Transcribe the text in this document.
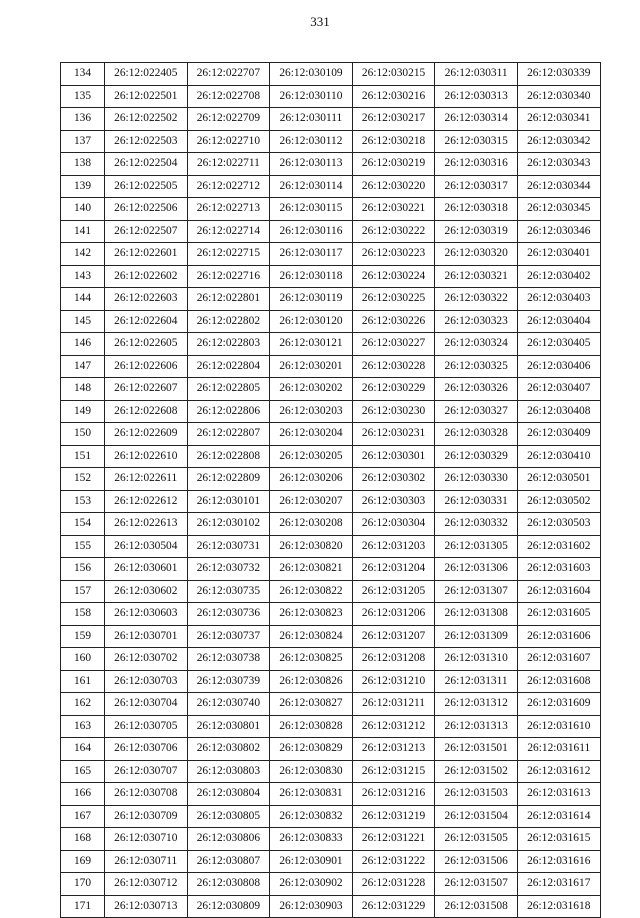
331
134	26:12:022405	26:12:022707	26:12:030109	26:12:030215	26:12:030311	26:12:030339
135	26:12:022501	26:12:022708	26:12:030110	26:12:030216	26:12:030313	26:12:030340
136	26:12:022502	26:12:022709	26:12:030111	26:12:030217	26:12:030314	26:12:030341
137	26:12:022503	26:12:022710	26:12:030112	26:12:030218	26:12:030315	26:12:030342
138	26:12:022504	26:12:022711	26:12:030113	26:12:030219	26:12:030316	26:12:030343
139	26:12:022505	26:12:022712	26:12:030114	26:12:030220	26:12:030317	26:12:030344
140	26:12:022506	26:12:022713	26:12:030115	26:12:030221	26:12:030318	26:12:030345
141	26:12:022507	26:12:022714	26:12:030116	26:12:030222	26:12:030319	26:12:030346
142	26:12:022601	26:12:022715	26:12:030117	26:12:030223	26:12:030320	26:12:030401
143	26:12:022602	26:12:022716	26:12:030118	26:12:030224	26:12:030321	26:12:030402
144	26:12:022603	26:12:022801	26:12:030119	26:12:030225	26:12:030322	26:12:030403
145	26:12:022604	26:12:022802	26:12:030120	26:12:030226	26:12:030323	26:12:030404
146	26:12:022605	26:12:022803	26:12:030121	26:12:030227	26:12:030324	26:12:030405
147	26:12:022606	26:12:022804	26:12:030201	26:12:030228	26:12:030325	26:12:030406
148	26:12:022607	26:12:022805	26:12:030202	26:12:030229	26:12:030326	26:12:030407
149	26:12:022608	26:12:022806	26:12:030203	26:12:030230	26:12:030327	26:12:030408
150	26:12:022609	26:12:022807	26:12:030204	26:12:030231	26:12:030328	26:12:030409
151	26:12:022610	26:12:022808	26:12:030205	26:12:030301	26:12:030329	26:12:030410
152	26:12:022611	26:12:022809	26:12:030206	26:12:030302	26:12:030330	26:12:030501
153	26:12:022612	26:12:030101	26:12:030207	26:12:030303	26:12:030331	26:12:030502
154	26:12:022613	26:12:030102	26:12:030208	26:12:030304	26:12:030332	26:12:030503
155	26:12:030504	26:12:030731	26:12:030820	26:12:031203	26:12:031305	26:12:031602
156	26:12:030601	26:12:030732	26:12:030821	26:12:031204	26:12:031306	26:12:031603
157	26:12:030602	26:12:030735	26:12:030822	26:12:031205	26:12:031307	26:12:031604
158	26:12:030603	26:12:030736	26:12:030823	26:12:031206	26:12:031308	26:12:031605
159	26:12:030701	26:12:030737	26:12:030824	26:12:031207	26:12:031309	26:12:031606
160	26:12:030702	26:12:030738	26:12:030825	26:12:031208	26:12:031310	26:12:031607
161	26:12:030703	26:12:030739	26:12:030826	26:12:031210	26:12:031311	26:12:031608
162	26:12:030704	26:12:030740	26:12:030827	26:12:031211	26:12:031312	26:12:031609
163	26:12:030705	26:12:030801	26:12:030828	26:12:031212	26:12:031313	26:12:031610
164	26:12:030706	26:12:030802	26:12:030829	26:12:031213	26:12:031501	26:12:031611
165	26:12:030707	26:12:030803	26:12:030830	26:12:031215	26:12:031502	26:12:031612
166	26:12:030708	26:12:030804	26:12:030831	26:12:031216	26:12:031503	26:12:031613
167	26:12:030709	26:12:030805	26:12:030832	26:12:031219	26:12:031504	26:12:031614
168	26:12:030710	26:12:030806	26:12:030833	26:12:031221	26:12:031505	26:12:031615
169	26:12:030711	26:12:030807	26:12:030901	26:12:031222	26:12:031506	26:12:031616
170	26:12:030712	26:12:030808	26:12:030902	26:12:031228	26:12:031507	26:12:031617
171	26:12:030713	26:12:030809	26:12:030903	26:12:031229	26:12:031508	26:12:031618
